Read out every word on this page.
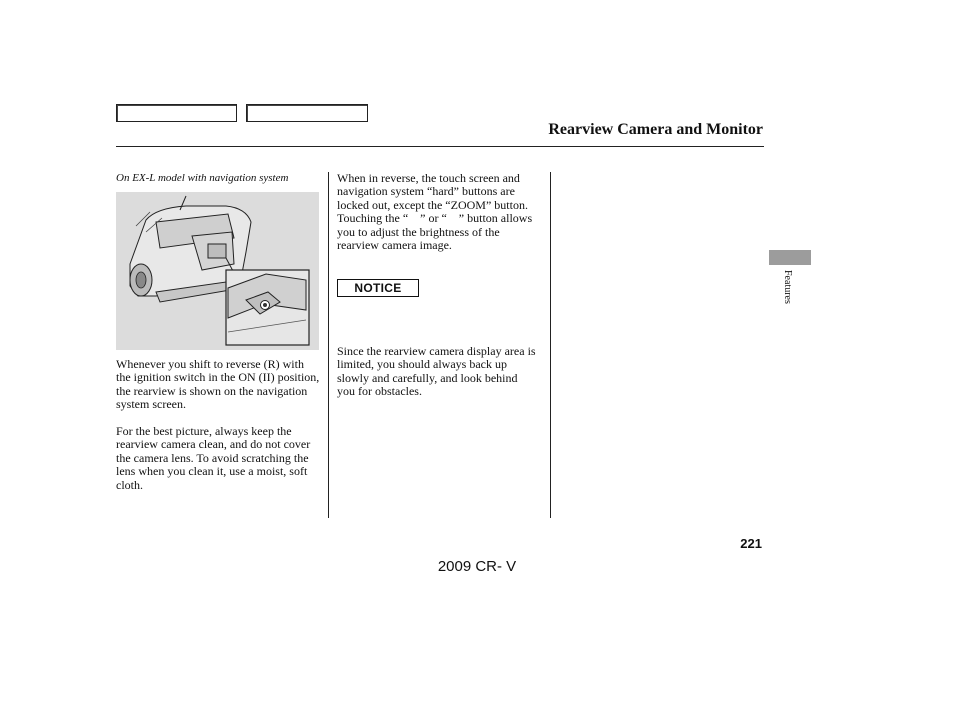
Rearview Camera and Monitor
On EX-L model with navigation system

Whenever you shift to reverse (R) with the ignition switch in the ON (II) position, the rearview is shown on the navigation system screen.

For the best picture, always keep the rearview camera clean, and do not cover the camera lens. To avoid scratching the lens when you clean it, use a moist, soft cloth.

When in reverse, the touch screen and navigation system “hard” buttons are locked out, except the “ZOOM” button. Touching the “ ” or “ ” button allows you to adjust the brightness of the rearview camera image.

NOTICE

Since the rearview camera display area is limited, you should always back up slowly and carefully, and look behind you for obstacles.

Features
221
2009 CR- V
